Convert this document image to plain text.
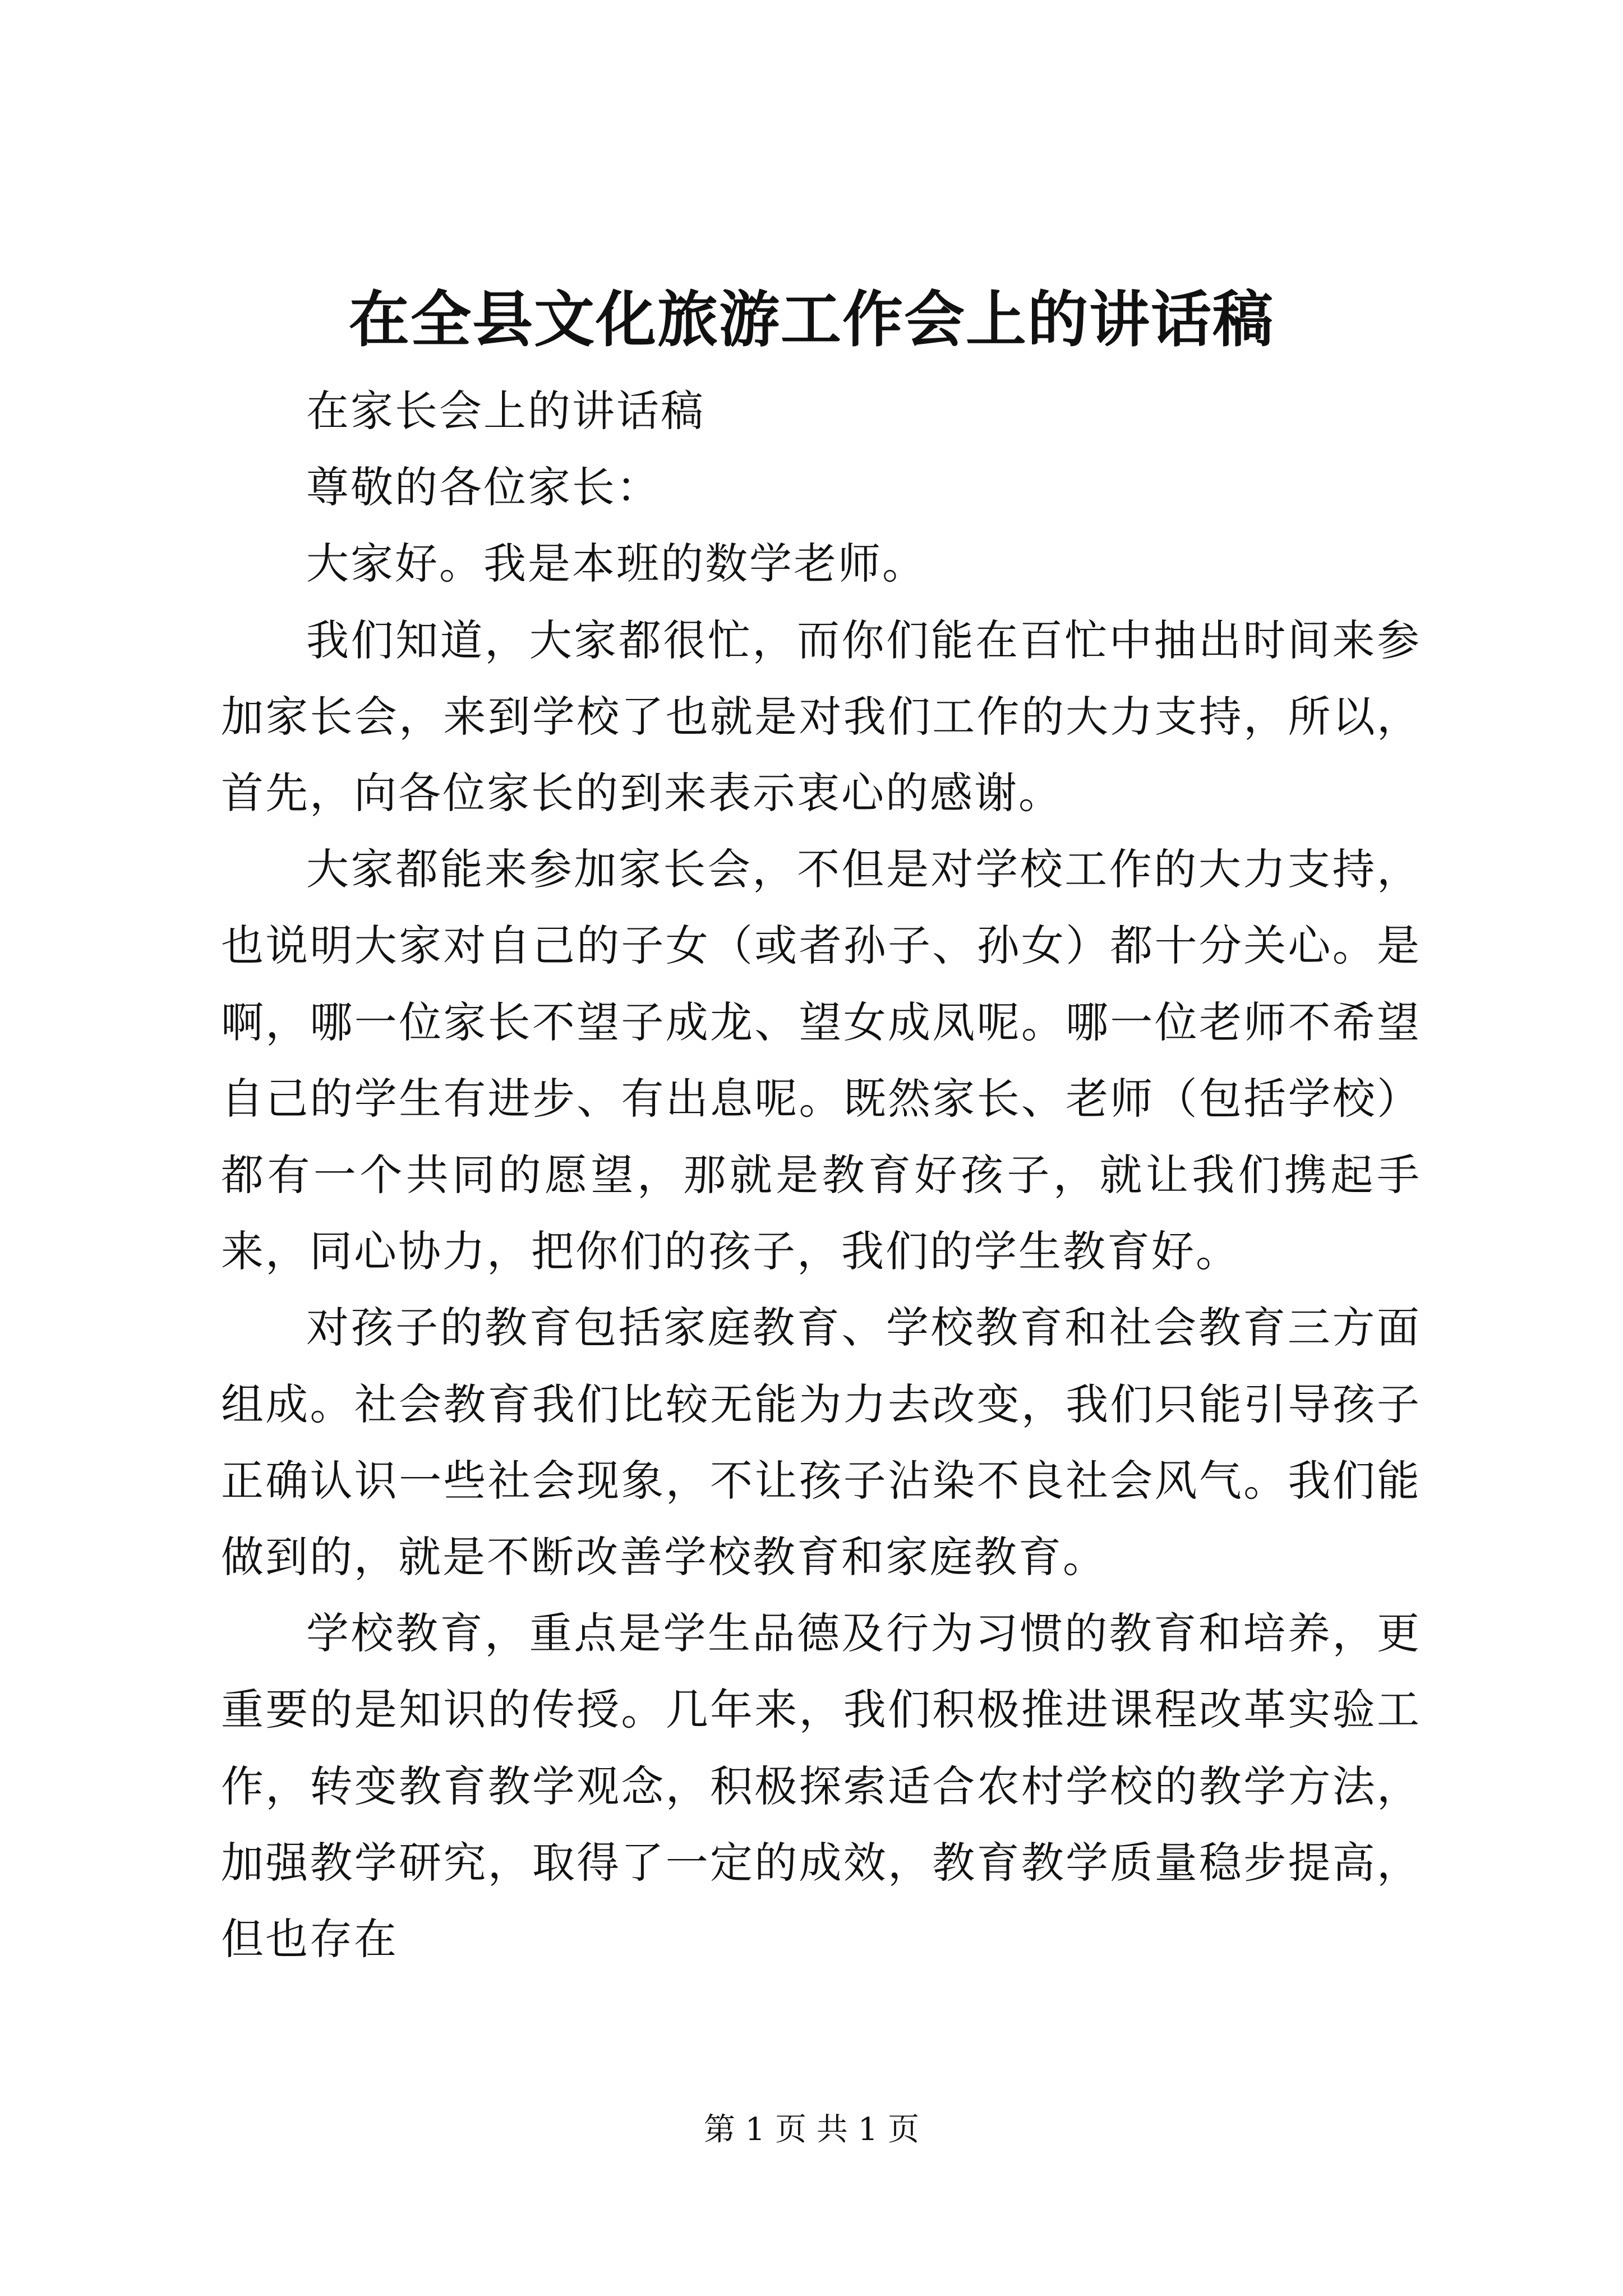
在全县文化旅游工作会上的讲话稿

在家长会上的讲话稿

尊敬的各位家长：

大家好。我是本班的数学老师。

我们知道，大家都很忙，而你们能在百忙中抽出时间来参加家长会，来到学校了也就是对我们工作的大力支持，所以，首先，向各位家长的到来表示衷心的感谢。

大家都能来参加家长会，不但是对学校工作的大力支持，也说明大家对自己的子女（或者孙子、孙女）都十分关心。是啊，哪一位家长不望子成龙、望女成凤呢。哪一位老师不希望自己的学生有进步、有出息呢。既然家长、老师（包括学校）都有一个共同的愿望，那就是教育好孩子，就让我们携起手来，同心协力，把你们的孩子，我们的学生教育好。

对孩子的教育包括家庭教育、学校教育和社会教育三方面组成。社会教育我们比较无能为力去改变，我们只能引导孩子正确认识一些社会现象，不让孩子沾染不良社会风气。我们能做到的，就是不断改善学校教育和家庭教育。

学校教育，重点是学生品德及行为习惯的教育和培养，更重要的是知识的传授。几年来，我们积极推进课程改革实验工作，转变教育教学观念，积极探索适合农村学校的教学方法，加强教学研究，取得了一定的成效，教育教学质量稳步提高，但也存在

第 1 页 共 1 页
